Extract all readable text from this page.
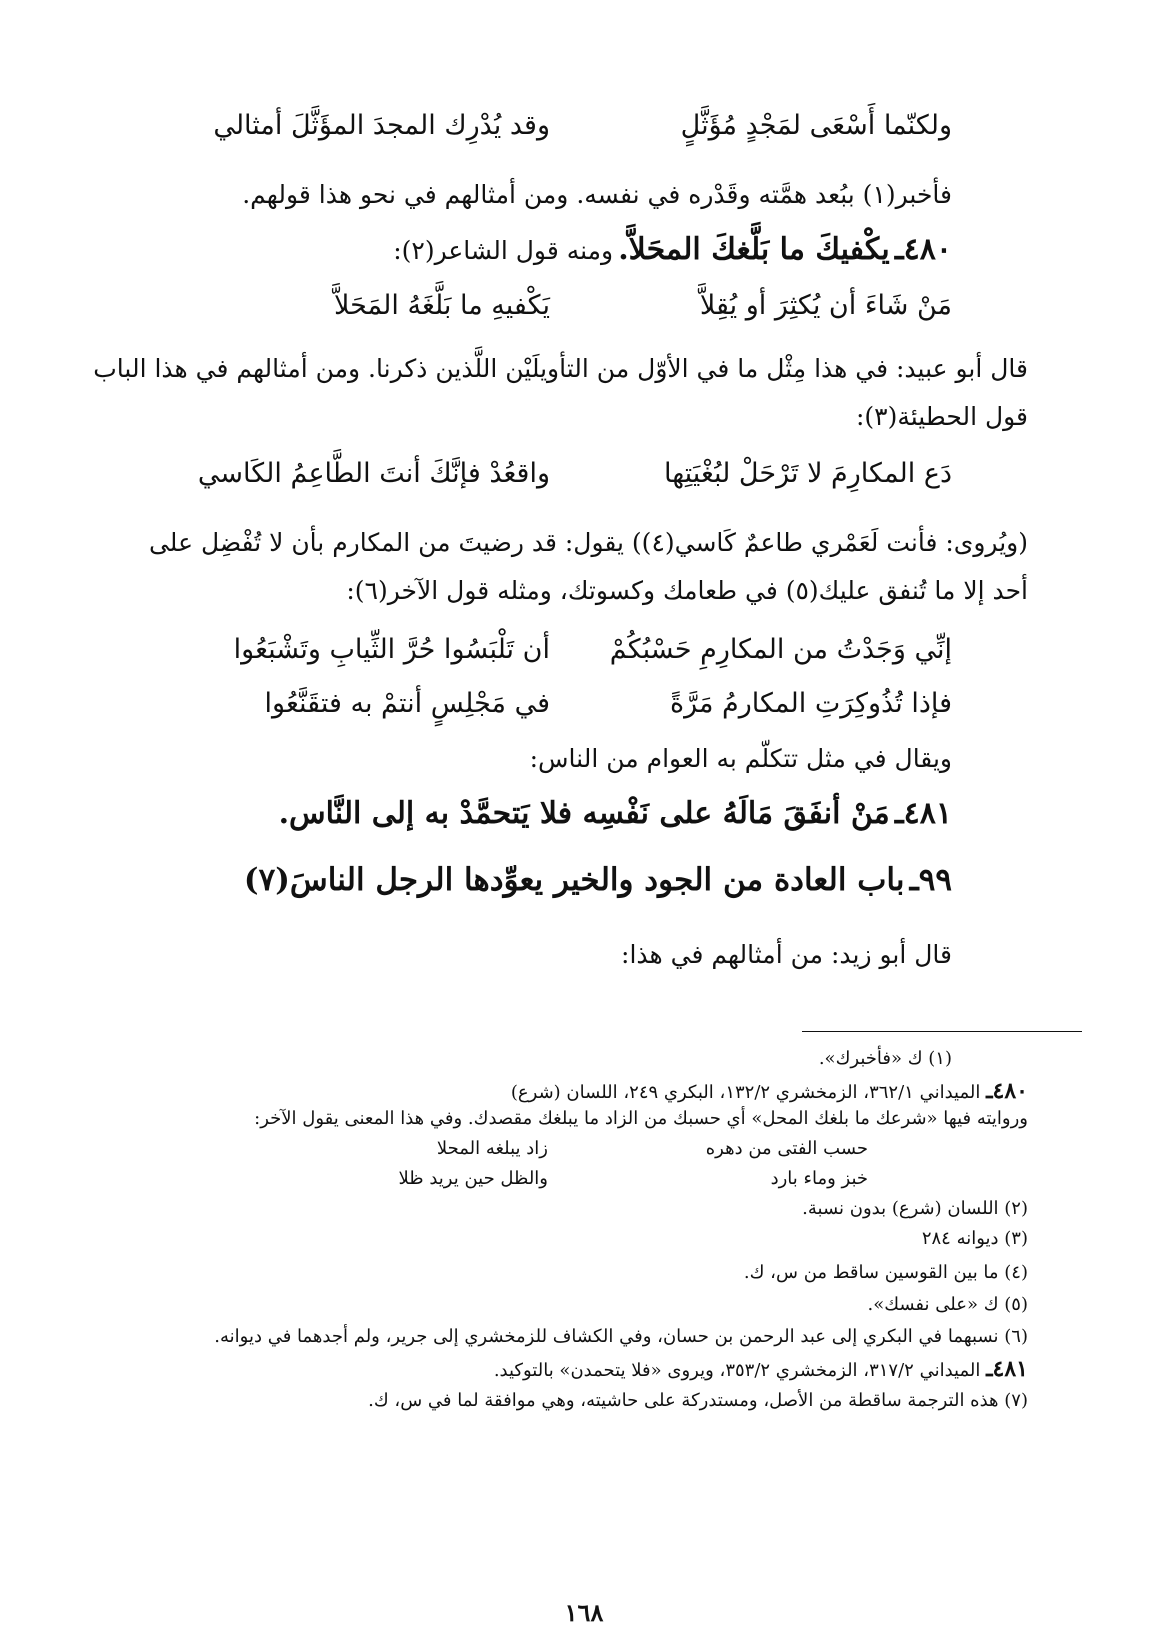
ولكنّما أَسْعَى لمَجْدٍ مُؤَثَّلٍ
وقد يُدْرِك المجدَ المؤَثَّلَ أمثالي
فأخبر(١) ببُعد همَّته وقَدْره في نفسه. ومن أمثالهم في نحو هذا قولهم.
٤٨٠ـ يكْفيكَ ما بَلَّغكَ المحَلاَّ. ومنه قول الشاعر(٢):
مَنْ شَاءَ أن يُكثِرَ أو يُقِلاَّ
يَكْفيهِ ما بَلَّغَهُ المَحَلاَّ
قال أبو عبيد: في هذا مِثْل ما في الأوّل من التأويلَيْن اللَّذين ذكرنا. ومن أمثالهم في هذا الباب
قول الحطيئة(٣):
دَع المكارِمَ لا تَرْحَلْ لبُغْيَتِها
واقعُدْ فإنَّكَ أنتَ الطَّاعِمُ الكَاسي
(ويُروى: فأنت لَعَمْري طاعمٌ كَاسي(٤)) يقول: قد رضيتَ من المكارم بأن لا تُفْضِل على
أحد إلا ما تُنفق عليك(٥) في طعامك وكسوتك، ومثله قول الآخر(٦):
إنِّي وَجَدْتُ من المكارِمِ حَسْبُكُمْ
أن تَلْبَسُوا حُرَّ الثِّيابِ وتَشْبَعُوا
فإذا تُذُوكِرَتِ المكارمُ مَرَّةً
في مَجْلِسٍ أنتمْ به فتقَنَّعُوا
ويقال في مثل تتكلّم به العوام من الناس:
٤٨١ـ مَنْ أنفَقَ مَالَهُ على نَفْسِه فلا يَتحمَّدْ به إلى النَّاس.
٩٩ـ باب العادة من الجود والخير يعوِّدها الرجل الناسَ(٧)
قال أبو زيد: من أمثالهم في هذا:
(١) ك «فأخبرك».
٤٨٠ـ الميداني ٣٦٢/١، الزمخشري ١٣٢/٢، البكري ٢٤٩، اللسان (شرع)
وروايته فيها «شرعك ما بلغك المحل» أي حسبك من الزاد ما يبلغك مقصدك. وفي هذا المعنى يقول الآخر:
حسب الفتى من دهره
زاد يبلغه المحلا
خبز وماء بارد
والظل حين يريد ظلا
(٢) اللسان (شرع) بدون نسبة.
(٣) ديوانه ٢٨٤
(٤) ما بين القوسين ساقط من س، ك.
(٥) ك «على نفسك».
(٦) نسبهما في البكري إلى عبد الرحمن بن حسان، وفي الكشاف للزمخشري إلى جرير، ولم أجدهما في ديوانه.
٤٨١ـ الميداني ٣١٧/٢، الزمخشري ٣٥٣/٢، ويروى «فلا يتحمدن» بالتوكيد.
(٧) هذه الترجمة ساقطة من الأصل، ومستدركة على حاشيته، وهي موافقة لما في س، ك.
١٦٨
